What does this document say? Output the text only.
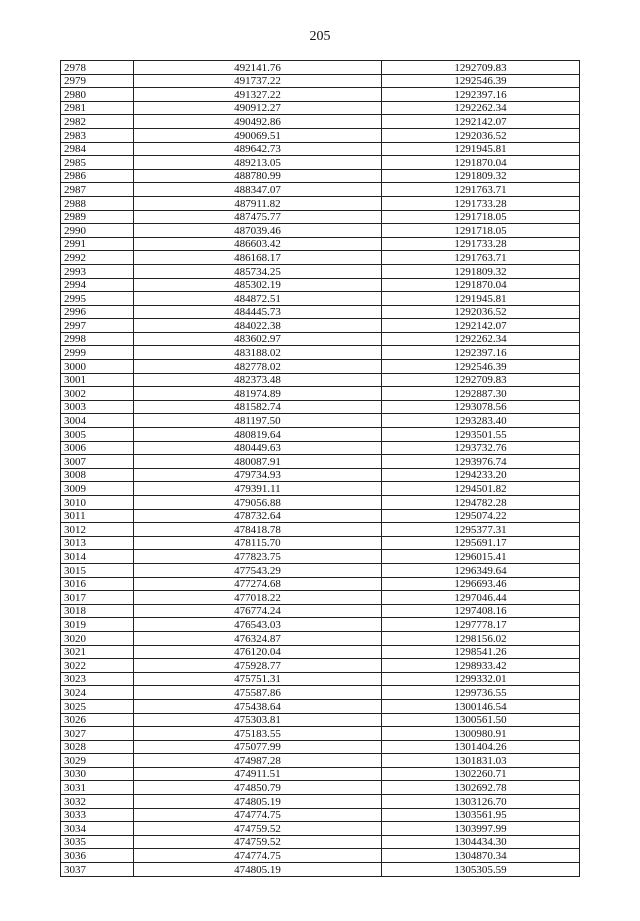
205
2978	492141.76	1292709.83
2979	491737.22	1292546.39
2980	491327.22	1292397.16
2981	490912.27	1292262.34
2982	490492.86	1292142.07
2983	490069.51	1292036.52
2984	489642.73	1291945.81
2985	489213.05	1291870.04
2986	488780.99	1291809.32
2987	488347.07	1291763.71
2988	487911.82	1291733.28
2989	487475.77	1291718.05
2990	487039.46	1291718.05
2991	486603.42	1291733.28
2992	486168.17	1291763.71
2993	485734.25	1291809.32
2994	485302.19	1291870.04
2995	484872.51	1291945.81
2996	484445.73	1292036.52
2997	484022.38	1292142.07
2998	483602.97	1292262.34
2999	483188.02	1292397.16
3000	482778.02	1292546.39
3001	482373.48	1292709.83
3002	481974.89	1292887.30
3003	481582.74	1293078.56
3004	481197.50	1293283.40
3005	480819.64	1293501.55
3006	480449.63	1293732.76
3007	480087.91	1293976.74
3008	479734.93	1294233.20
3009	479391.11	1294501.82
3010	479056.88	1294782.28
3011	478732.64	1295074.22
3012	478418.78	1295377.31
3013	478115.70	1295691.17
3014	477823.75	1296015.41
3015	477543.29	1296349.64
3016	477274.68	1296693.46
3017	477018.22	1297046.44
3018	476774.24	1297408.16
3019	476543.03	1297778.17
3020	476324.87	1298156.02
3021	476120.04	1298541.26
3022	475928.77	1298933.42
3023	475751.31	1299332.01
3024	475587.86	1299736.55
3025	475438.64	1300146.54
3026	475303.81	1300561.50
3027	475183.55	1300980.91
3028	475077.99	1301404.26
3029	474987.28	1301831.03
3030	474911.51	1302260.71
3031	474850.79	1302692.78
3032	474805.19	1303126.70
3033	474774.75	1303561.95
3034	474759.52	1303997.99
3035	474759.52	1304434.30
3036	474774.75	1304870.34
3037	474805.19	1305305.59
